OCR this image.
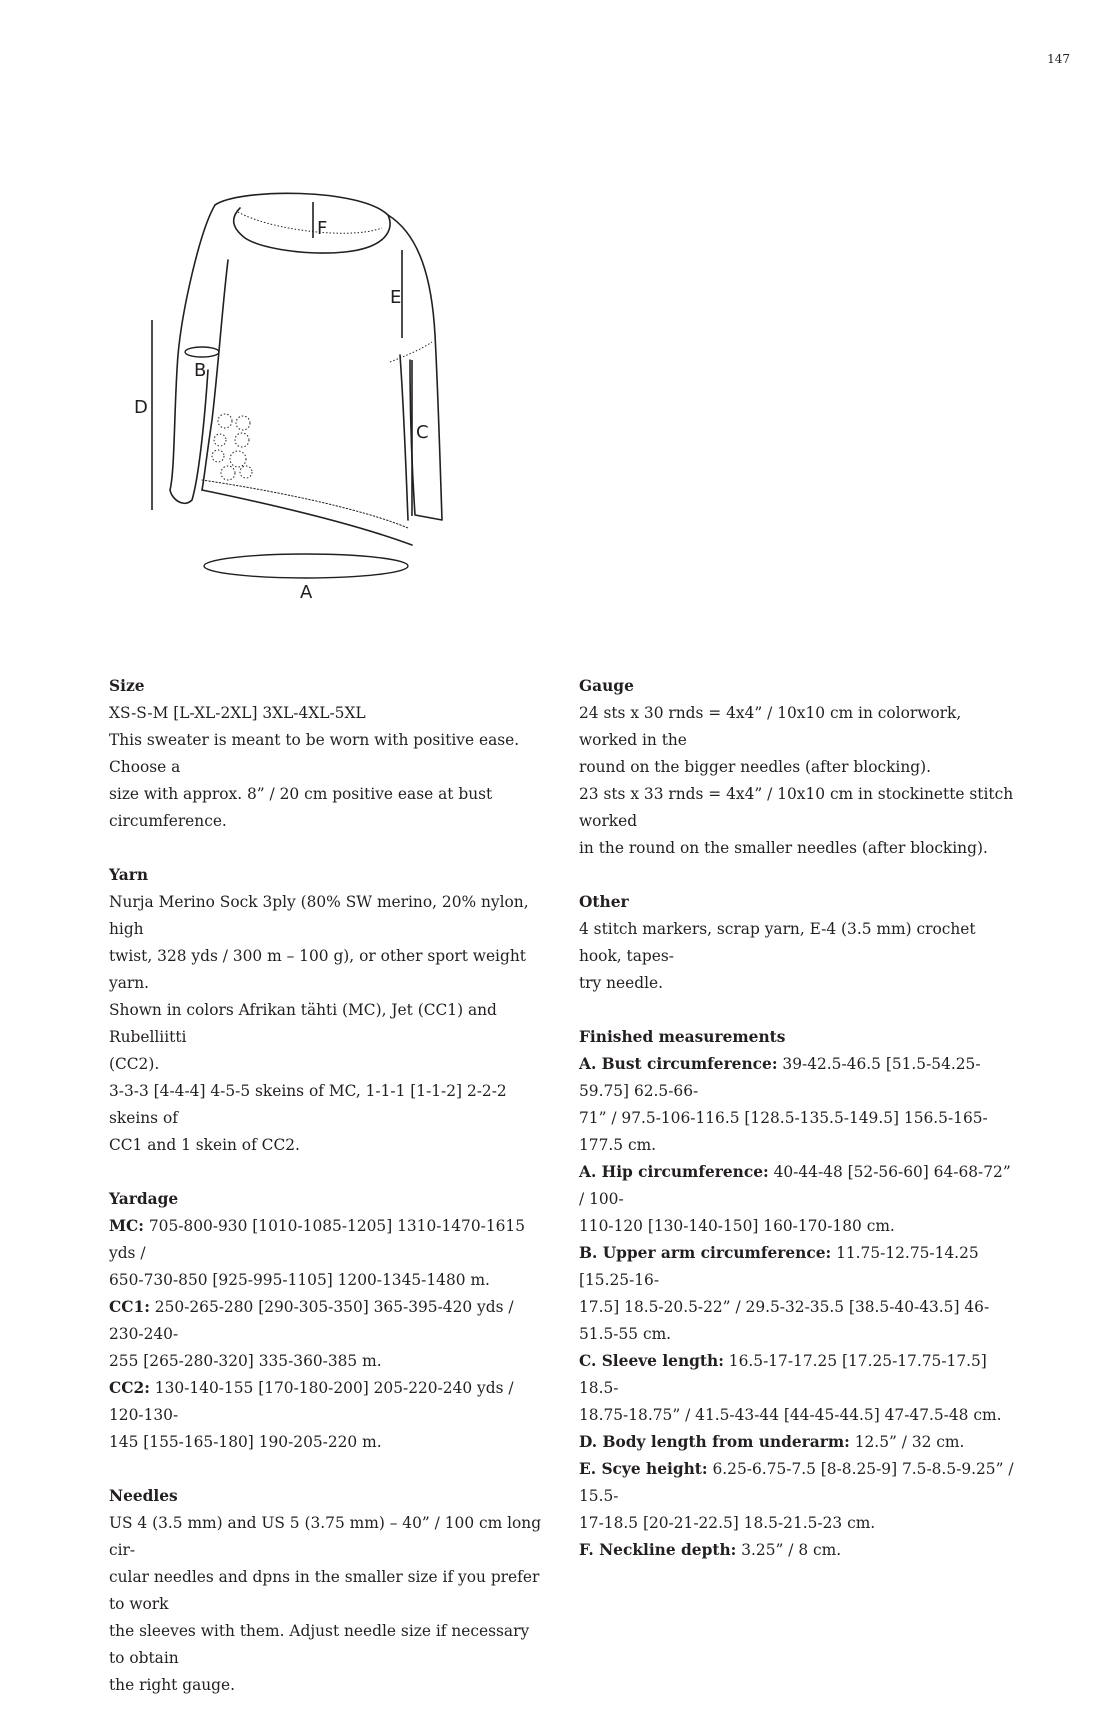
147
A
B
C
D
E
F
Size

XS-S-M [L-XL-2XL] 3XL-4XL-5XL

This sweater is meant to be worn with positive ease. Choose a

size with approx. 8” / 20 cm positive ease at bust circumference.

Yarn

Nurja Merino Sock 3ply (80% SW merino, 20% nylon, high

twist, 328 yds / 300 m – 100 g), or other sport weight yarn.

Shown in colors Afrikan tähti (MC), Jet (CC1) and Rubelliitti

(CC2).

3-3-3 [4-4-4] 4-5-5 skeins of MC, 1-1-1 [1-1-2] 2-2-2 skeins of

CC1 and 1 skein of CC2.

Yardage

MC: 705-800-930 [1010-1085-1205] 1310-1470-1615 yds /

650-730-850 [925-995-1105] 1200-1345-1480 m.

CC1: 250-265-280 [290-305-350] 365-395-420 yds / 230-240-

255 [265-280-320] 335-360-385 m.

CC2: 130-140-155 [170-180-200] 205-220-240 yds / 120-130-

145 [155-165-180] 190-205-220 m.

Needles

US 4 (3.5 mm) and US 5 (3.75 mm) – 40” / 100 cm long cir-

cular needles and dpns in the smaller size if you prefer to work

the sleeves with them. Adjust needle size if necessary to obtain

the right gauge.

Gauge

24 sts x 30 rnds = 4x4” / 10x10 cm in colorwork, worked in the

round on the bigger needles (after blocking).

23 sts x 33 rnds = 4x4” / 10x10 cm in stockinette stitch worked

in the round on the smaller needles (after blocking).

Other

4 stitch markers, scrap yarn, E-4 (3.5 mm) crochet hook, tapes-

try needle.

Finished measurements

A. Bust circumference: 39-42.5-46.5 [51.5-54.25-59.75] 62.5-66-

71” / 97.5-106-116.5 [128.5-135.5-149.5] 156.5-165-177.5 cm.

A. Hip circumference: 40-44-48 [52-56-60] 64-68-72” / 100-

110-120 [130-140-150] 160-170-180 cm.

B. Upper arm circumference: 11.75-12.75-14.25 [15.25-16-

17.5] 18.5-20.5-22” / 29.5-32-35.5 [38.5-40-43.5] 46-51.5-55 cm.

C. Sleeve length: 16.5-17-17.25 [17.25-17.75-17.5] 18.5-

18.75-18.75” / 41.5-43-44 [44-45-44.5] 47-47.5-48 cm.

D. Body length from underarm: 12.5” / 32 cm.

E. Scye height: 6.25-6.75-7.5 [8-8.25-9] 7.5-8.5-9.25” / 15.5-

17-18.5 [20-21-22.5] 18.5-21.5-23 cm.

F. Neckline depth: 3.25” / 8 cm.
